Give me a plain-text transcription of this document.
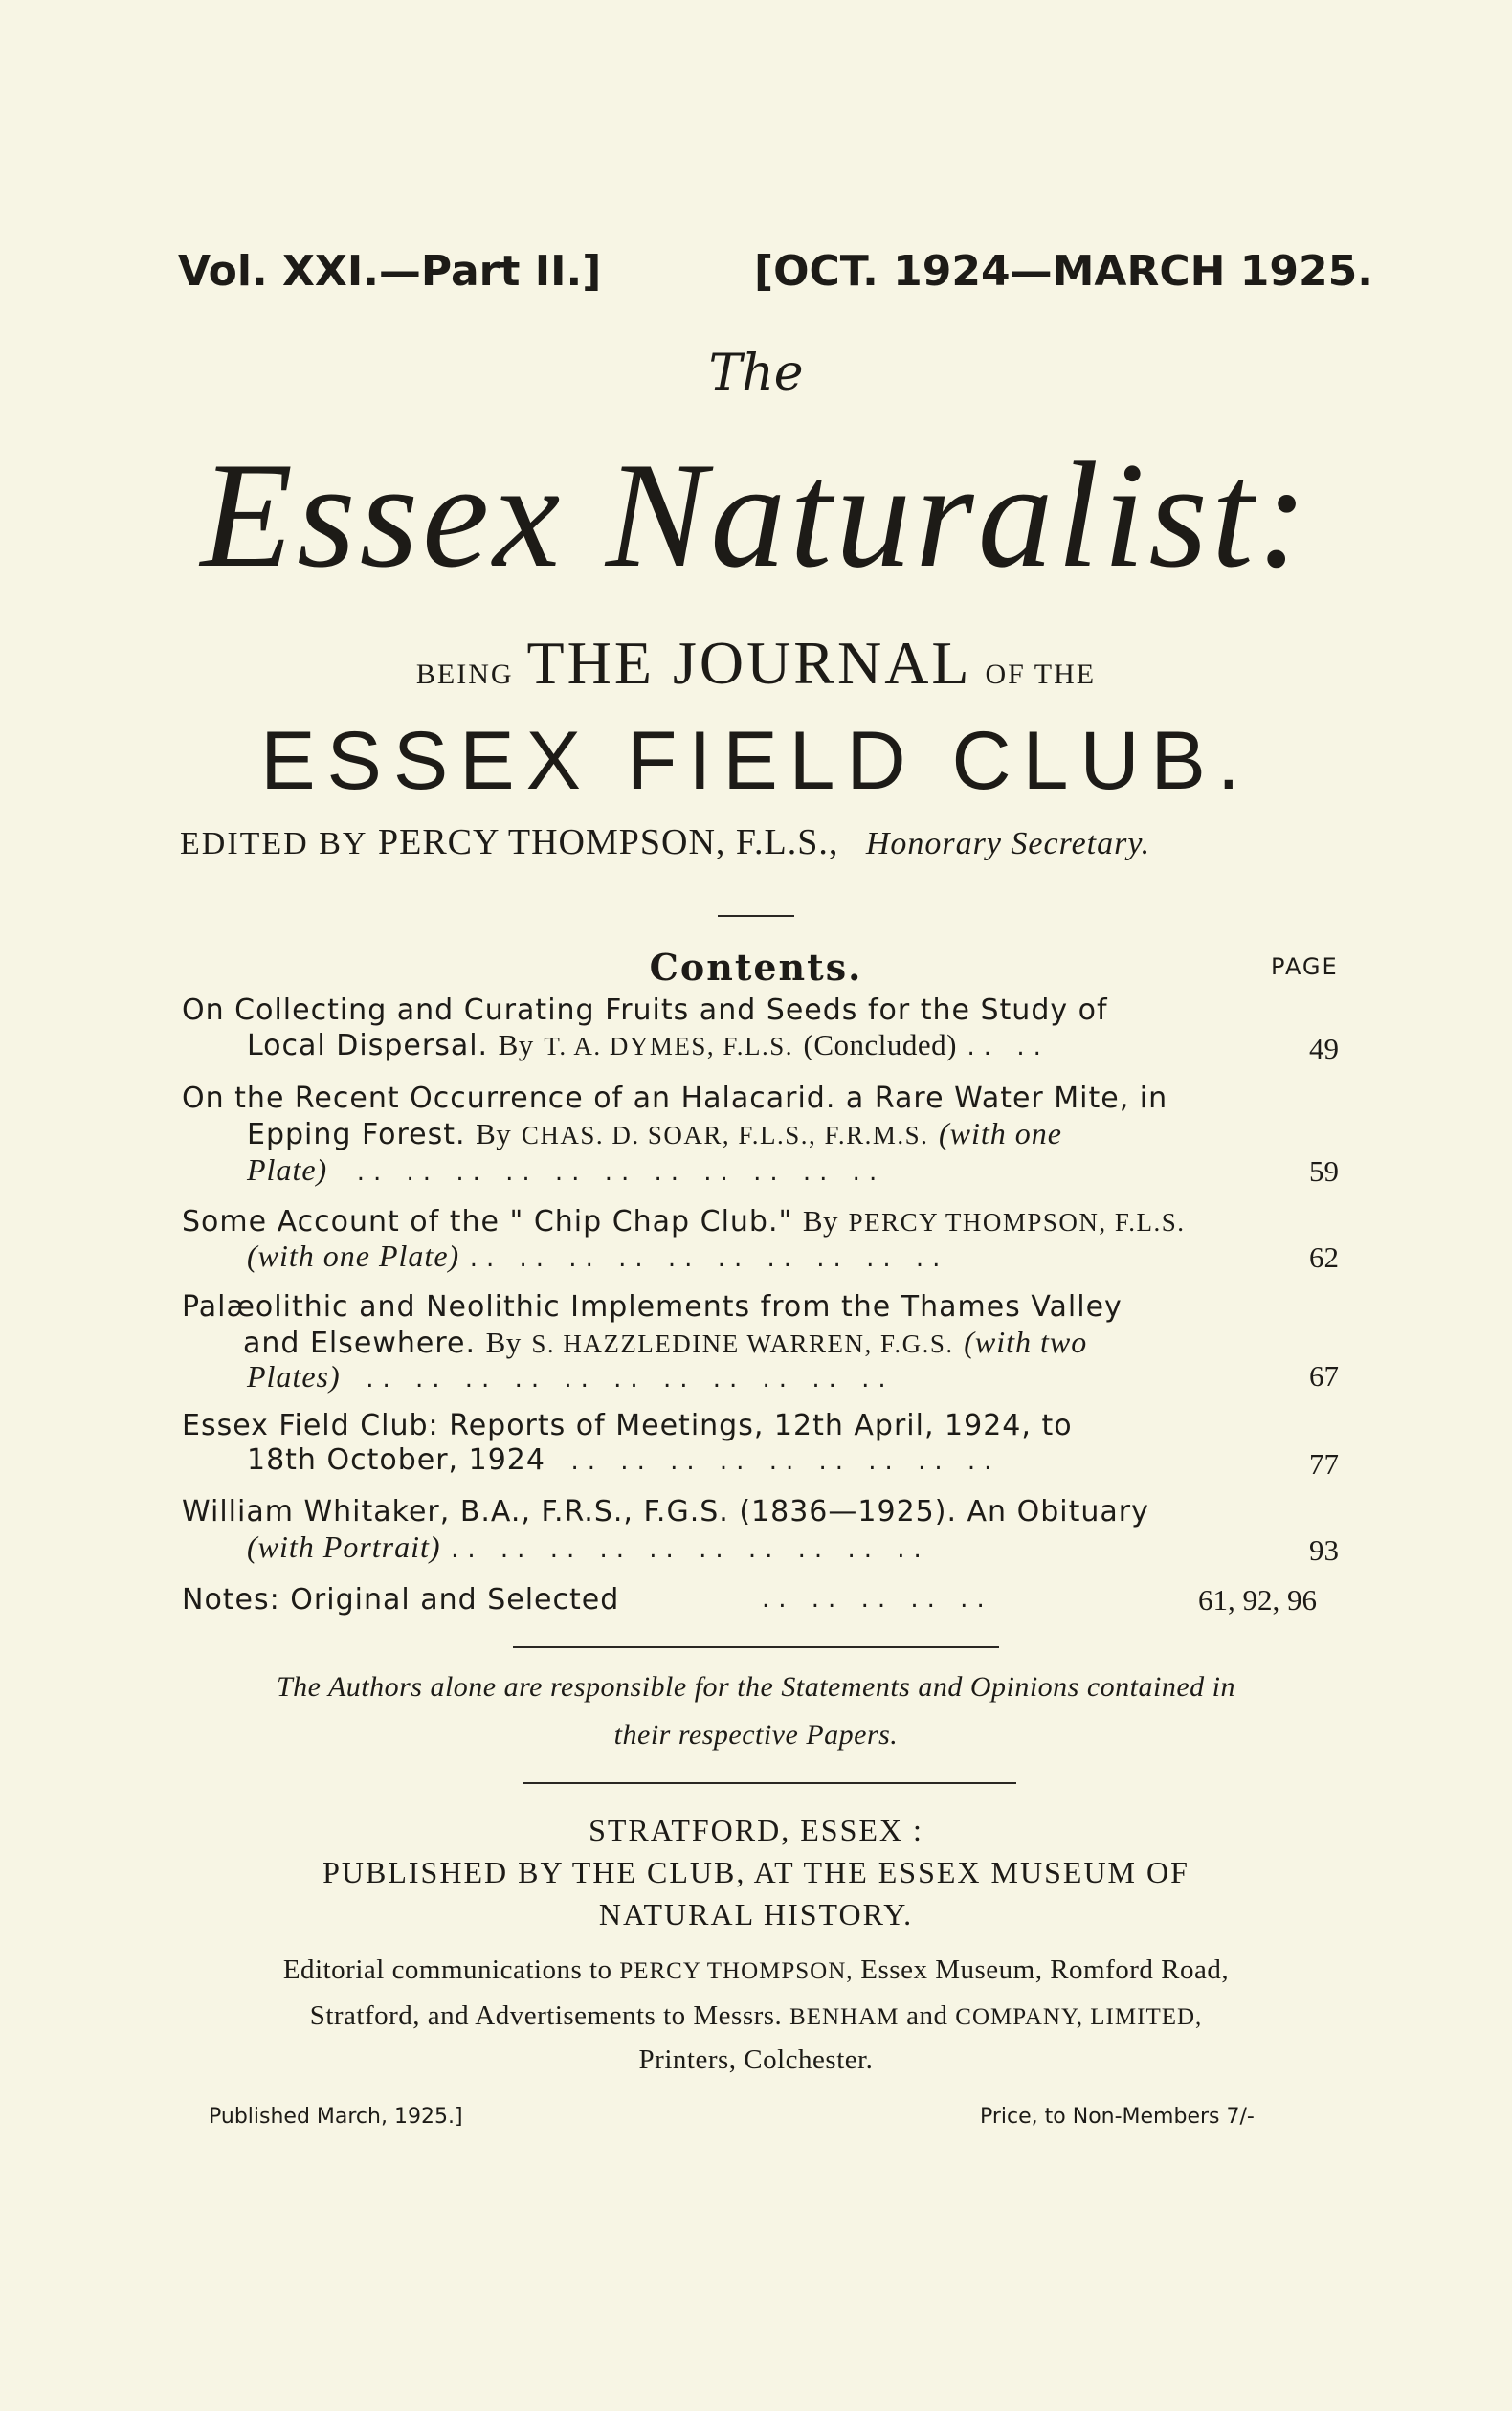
Vol. XXI.—Part II.]	[OCT. 1924—MARCH 1925.
The
Essex Naturalist:
BEING THE JOURNAL OF THE
ESSEX FIELD CLUB.
EDITED BY PERCY THOMPSON, F.L.S., Honorary Secretary.
Contents.	PAGE
On Collecting and Curating Fruits and Seeds for the Study of
Local Dispersal. By T. A. DYMES, F.L.S. (Concluded) .. ..	49
On the Recent Occurrence of an Halacarid. a Rare Water Mite, in
Epping Forest. By CHAS. D. SOAR, F.L.S., F.R.M.S. (with one
Plate) .. .. .. .. .. .. .. .. .. .. ..	59
Some Account of the " Chip Chap Club." By PERCY THOMPSON, F.L.S.
(with one Plate) .. .. .. .. .. .. .. .. .. ..	62
Palæolithic and Neolithic Implements from the Thames Valley
and Elsewhere. By S. HAZZLEDINE WARREN, F.G.S. (with two
Plates) .. .. .. .. .. .. .. .. .. .. ..	67
Essex Field Club: Reports of Meetings, 12th April, 1924, to
18th October, 1924 .. .. .. .. .. .. .. .. ..	77
William Whitaker, B.A., F.R.S., F.G.S. (1836—1925). An Obituary
(with Portrait) .. .. .. .. .. .. .. .. .. ..	93
Notes: Original and Selected	.. .. .. .. ..	61, 92, 96
The Authors alone are responsible for the Statements and Opinions contained in
their respective Papers.
STRATFORD, ESSEX :
PUBLISHED BY THE CLUB, AT THE ESSEX MUSEUM OF
NATURAL HISTORY.
Editorial communications to PERCY THOMPSON, Essex Museum, Romford Road,
Stratford, and Advertisements to Messrs. BENHAM and COMPANY, LIMITED,
Printers, Colchester.
Published March, 1925.]	Price, to Non-Members 7/-
